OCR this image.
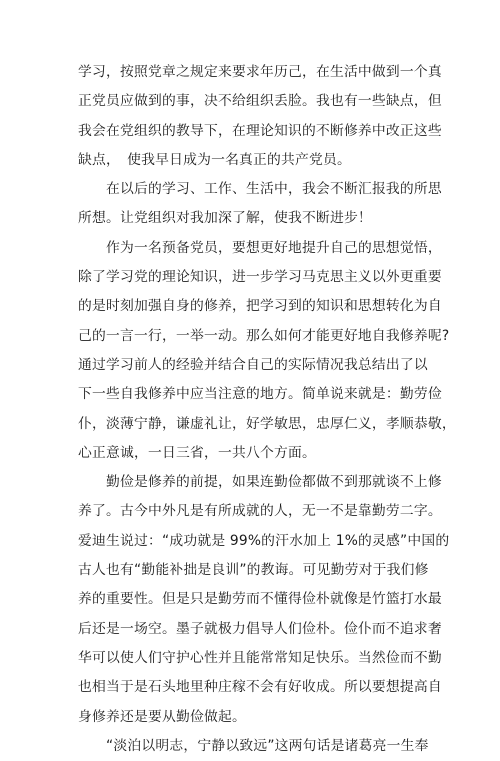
学习，按照党章之规定来要求年历己，在生活中做到一个真
正党员应做到的事，决不给组织丢脸。我也有一些缺点，但
我会在党组织的教导下，在理论知识的不断修养中改正这些
缺点，　使我早日成为一名真正的共产党员。
在以后的学习、工作、生活中，我会不断汇报我的所思
所想。让党组织对我加深了解，使我不断进步！
作为一名预备党员，要想更好地提升自己的思想觉悟，
除了学习党的理论知识，进一步学习马克思主义以外更重要
的是时刻加强自身的修养，把学习到的知识和思想转化为自
己的一言一行，一举一动。那么如何才能更好地自我修养呢?
通过学习前人的经验并结合自己的实际情况我总结出了以
下一些自我修养中应当注意的地方。简单说来就是：勤劳俭
仆，淡薄宁静，谦虚礼让，好学敏思，忠厚仁义，孝顺恭敬，
心正意诚，一日三省，一共八个方面。
勤俭是修养的前提，如果连勤俭都做不到那就谈不上修
养了。古今中外凡是有所成就的人，无一不是靠勤劳二字。
爱迪生说过：“成功就是 99%的汗水加上 1%的灵感”中国的
古人也有“勤能补拙是良训”的教诲。可见勤劳对于我们修
养的重要性。但是只是勤劳而不懂得俭朴就像是竹篮打水最
后还是一场空。墨子就极力倡导人们俭朴。俭仆而不追求奢
华可以使人们守护心性并且能常常知足快乐。当然俭而不勤
也相当于是石头地里种庄稼不会有好收成。所以要想提高自
身修养还是要从勤俭做起。
“淡泊以明志，宁静以致远”这两句话是诸葛亮一生奉
